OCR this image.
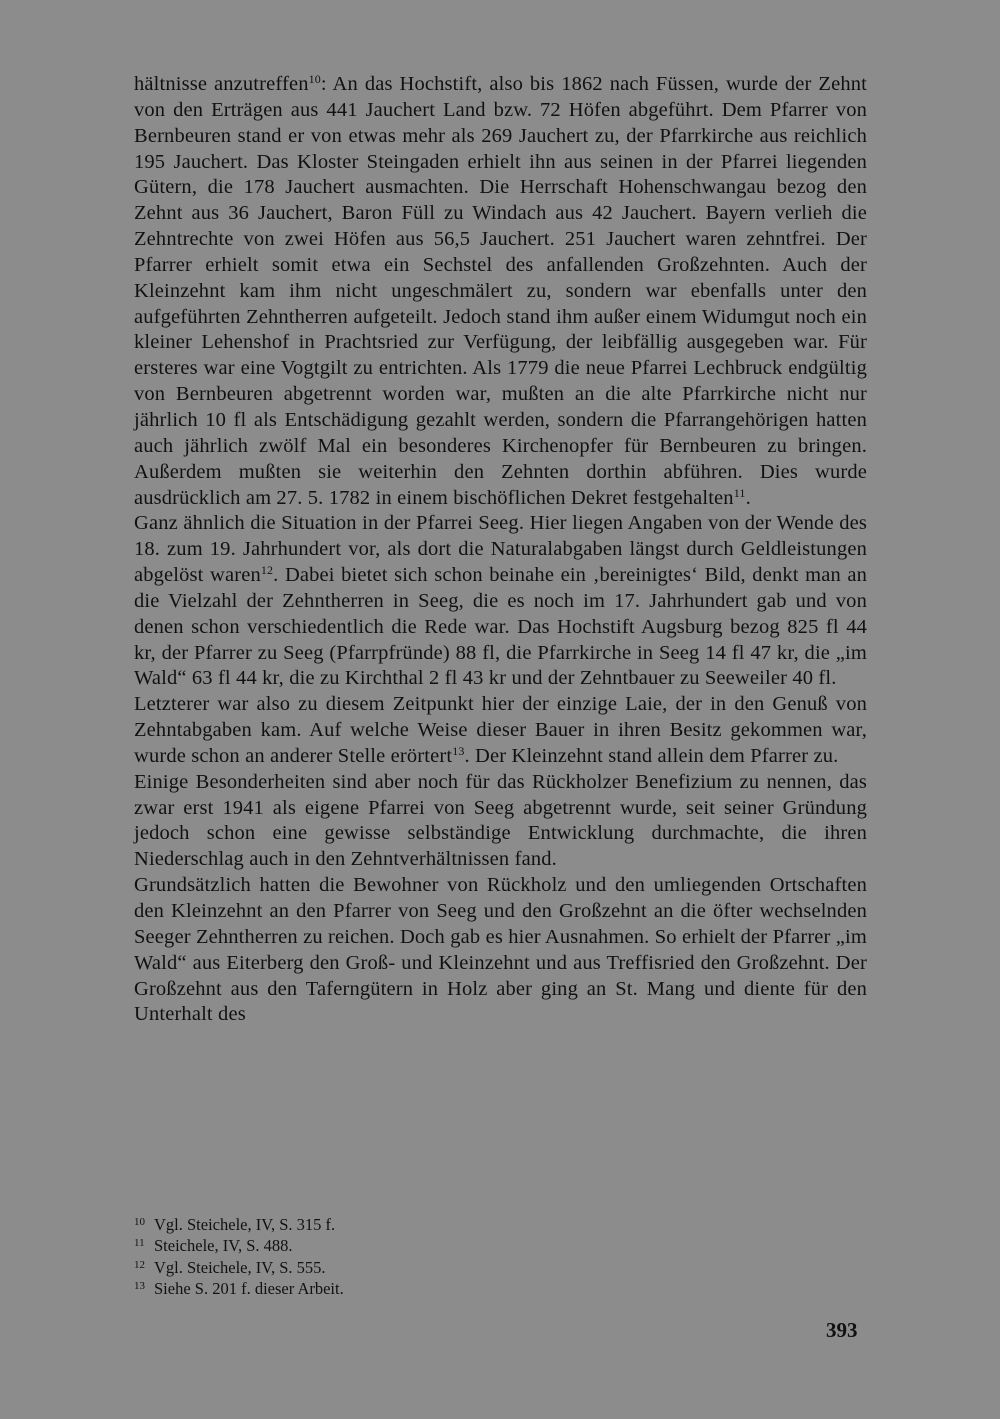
hältnisse anzutreffen$^{10}$: An das Hochstift, also bis 1862 nach Füssen, wurde der Zehnt von den Erträgen aus 441 Jauchert Land bzw. 72 Höfen abgeführt. Dem Pfarrer von Bernbeuren stand er von etwas mehr als 269 Jauchert zu, der Pfarrkirche aus reichlich 195 Jauchert. Das Kloster Steingaden erhielt ihn aus seinen in der Pfarrei liegenden Gütern, die 178 Jauchert ausmachten. Die Herrschaft Hohenschwangau bezog den Zehnt aus 36 Jauchert, Baron Füll zu Windach aus 42 Jauchert. Bayern verlieh die Zehntrechte von zwei Höfen aus 56,5 Jauchert. 251 Jauchert waren zehntfrei. Der Pfarrer erhielt somit etwa ein Sechstel des anfallenden Großzehnten. Auch der Kleinzehnt kam ihm nicht ungeschmälert zu, sondern war ebenfalls unter den aufgeführten Zehntherren aufgeteilt. Jedoch stand ihm außer einem Widumgut noch ein kleiner Lehenshof in Prachtsried zur Verfügung, der leibfällig ausgegeben war. Für ersteres war eine Vogtgilt zu entrichten. Als 1779 die neue Pfarrei Lechbruck endgültig von Bernbeuren abgetrennt worden war, mußten an die alte Pfarrkirche nicht nur jährlich 10 fl als Entschädigung gezahlt werden, sondern die Pfarrangehörigen hatten auch jährlich zwölf Mal ein besonderes Kirchenopfer für Bernbeuren zu bringen. Außerdem mußten sie weiterhin den Zehnten dorthin abführen. Dies wurde ausdrücklich am 27. 5. 1782 in einem bischöflichen Dekret festgehalten$^{11}$.

Ganz ähnlich die Situation in der Pfarrei Seeg. Hier liegen Angaben von der Wende des 18. zum 19. Jahrhundert vor, als dort die Naturalabgaben längst durch Geldleistungen abgelöst waren$^{12}$. Dabei bietet sich schon beinahe ein ‚bereinigtes‘ Bild, denkt man an die Vielzahl der Zehntherren in Seeg, die es noch im 17. Jahrhundert gab und von denen schon verschiedentlich die Rede war. Das Hochstift Augsburg bezog 825 fl 44 kr, der Pfarrer zu Seeg (Pfarrpfründe) 88 fl, die Pfarrkirche in Seeg 14 fl 47 kr, die „im Wald“ 63 fl 44 kr, die zu Kirchthal 2 fl 43 kr und der Zehntbauer zu Seeweiler 40 fl.

Letzterer war also zu diesem Zeitpunkt hier der einzige Laie, der in den Genuß von Zehntabgaben kam. Auf welche Weise dieser Bauer in ihren Besitz gekommen war, wurde schon an anderer Stelle erörtert$^{13}$. Der Kleinzehnt stand allein dem Pfarrer zu.

Einige Besonderheiten sind aber noch für das Rückholzer Benefizium zu nennen, das zwar erst 1941 als eigene Pfarrei von Seeg abgetrennt wurde, seit seiner Gründung jedoch schon eine gewisse selbständige Entwicklung durchmachte, die ihren Niederschlag auch in den Zehntverhältnissen fand.

Grundsätzlich hatten die Bewohner von Rückholz und den umliegenden Ortschaften den Kleinzehnt an den Pfarrer von Seeg und den Großzehnt an die öfter wechselnden Seeger Zehntherren zu reichen. Doch gab es hier Ausnahmen. So erhielt der Pfarrer „im Wald“ aus Eiterberg den Groß- und Kleinzehnt und aus Treffisried den Großzehnt. Der Großzehnt aus den Taferngütern in Holz aber ging an St. Mang und diente für den Unterhalt des

10 Vgl. Steichele, IV, S. 315 f.
11 Steichele, IV, S. 488.
12 Vgl. Steichele, IV, S. 555.
13 Siehe S. 201 f. dieser Arbeit.
393
